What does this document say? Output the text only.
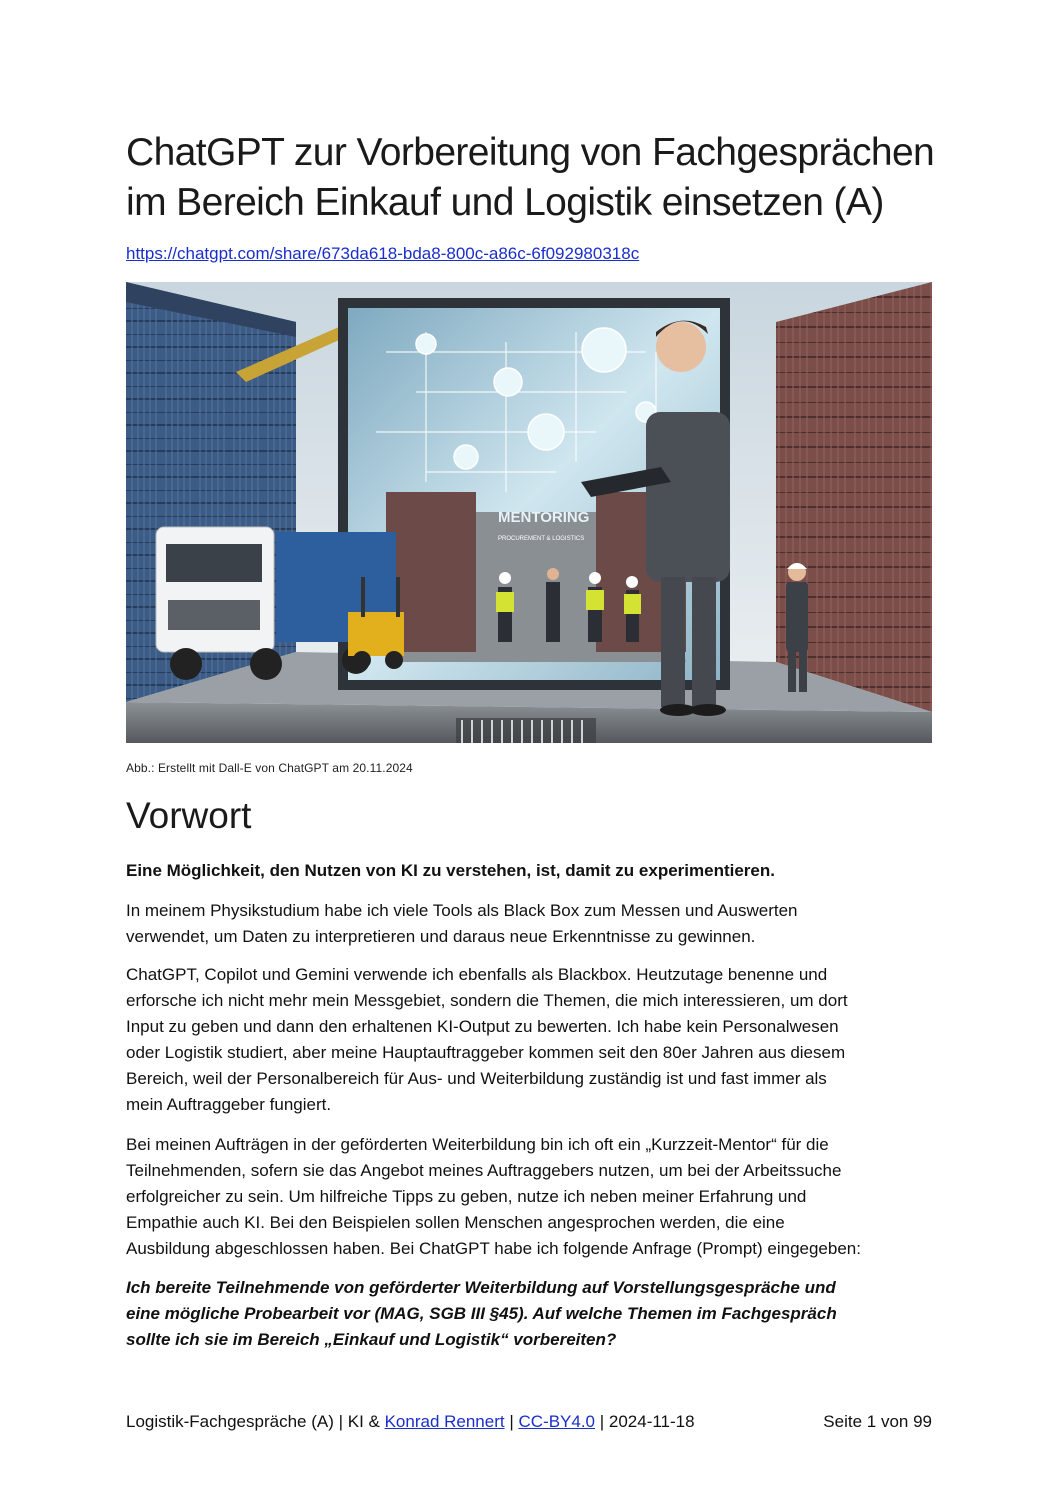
ChatGPT zur Vorbereitung von Fachgesprächen
im Bereich Einkauf und Logistik einsetzen (A)
https://chatgpt.com/share/673da618-bda8-800c-a86c-6f092980318c
MENTORING
PROCUREMENT & LOGISTICS
Abb.: Erstellt mit Dall-E von ChatGPT am 20.11.2024
Vorwort
Eine Möglichkeit, den Nutzen von KI zu verstehen, ist, damit zu experimentieren.

In meinem Physikstudium habe ich viele Tools als Black Box zum Messen und Auswerten
verwendet, um Daten zu interpretieren und daraus neue Erkenntnisse zu gewinnen.

ChatGPT, Copilot und Gemini verwende ich ebenfalls als Blackbox. Heutzutage benenne und
erforsche ich nicht mehr mein Messgebiet, sondern die Themen, die mich interessieren, um dort
Input zu geben und dann den erhaltenen KI-Output zu bewerten. Ich habe kein Personalwesen
oder Logistik studiert, aber meine Hauptauftraggeber kommen seit den 80er Jahren aus diesem
Bereich, weil der Personalbereich für Aus- und Weiterbildung zuständig ist und fast immer als
mein Auftraggeber fungiert.

Bei meinen Aufträgen in der geförderten Weiterbildung bin ich oft ein „Kurzzeit-Mentor“ für die
Teilnehmenden, sofern sie das Angebot meines Auftraggebers nutzen, um bei der Arbeitssuche
erfolgreicher zu sein. Um hilfreiche Tipps zu geben, nutze ich neben meiner Erfahrung und
Empathie auch KI. Bei den Beispielen sollen Menschen angesprochen werden, die eine
Ausbildung abgeschlossen haben. Bei ChatGPT habe ich folgende Anfrage (Prompt) eingegeben:

Ich bereite Teilnehmende von geförderter Weiterbildung auf Vorstellungsgespräche und
eine mögliche Probearbeit vor (MAG, SGB III §45). Auf welche Themen im Fachgespräch
sollte ich sie im Bereich „Einkauf und Logistik“ vorbereiten?

Logistik-Fachgespräche (A) | KI & Konrad Rennert | CC-BY4.0 | 2024-11-18	Seite 1 von 99
